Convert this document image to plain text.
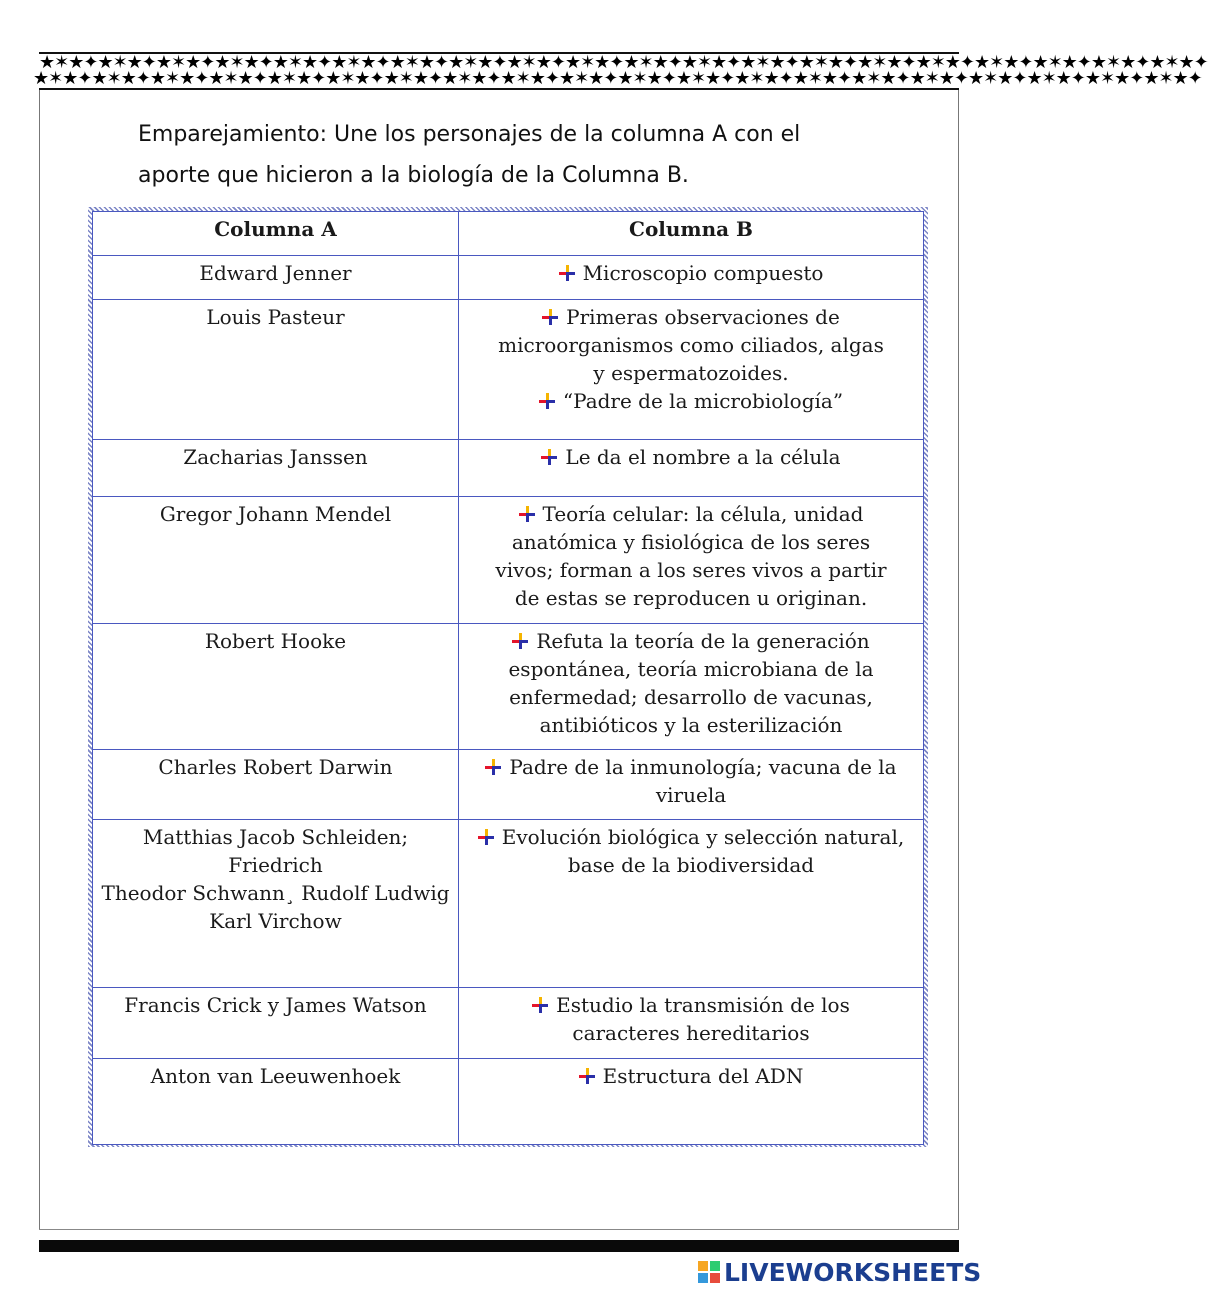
★✶★✦★✶★✦★✶★✦★✶★✦★✶★✦★✶★✦★✶★✦★✶★✦★✶★✦★✶★✦★✶★✦★✶★✦★✶★✦★✶★✦★✶★✦★✶★✦★✶★✦★✶★✦★✶★✦★✶★✦
★✶★✦★✶★✦★✶★✦★✶★✦★✶★✦★✶★✦★✶★✦★✶★✦★✶★✦★✶★✦★✶★✦★✶★✦★✶★✦★✶★✦★✶★✦★✶★✦★✶★✦★✶★✦★✶★✦★✶★✦
Emparejamiento: Une los personajes de la columna A con el
aporte que hicieron a la biología de la Columna B.
Columna A	Columna B

Edward Jenner	Microscopio compuesto

Louis Pasteur	Primeras observaciones de
microorganismos como ciliados, algas
y espermatozoides.
“Padre de la microbiología”

Zacharias Janssen	Le da el nombre a la célula

Gregor Johann Mendel	Teoría celular: la célula, unidad
anatómica y fisiológica de los seres
vivos; forman a los seres vivos a partir
de estas se reproducen u originan.

Robert Hooke	Refuta la teoría de la generación
espontánea, teoría microbiana de la
enfermedad; desarrollo de vacunas,
antibióticos y la esterilización

Charles Robert Darwin	Padre de la inmunología; vacuna de la
viruela

Matthias Jacob Schleiden; Friedrich
Theodor Schwann¸ Rudolf Ludwig
Karl Virchow	Evolución biológica y selección natural,
base de la biodiversidad

Francis Crick y James Watson	Estudio la transmisión de los
caracteres hereditarios

Anton van Leeuwenhoek	Estructura del ADN
LIVEWORKSHEETS
